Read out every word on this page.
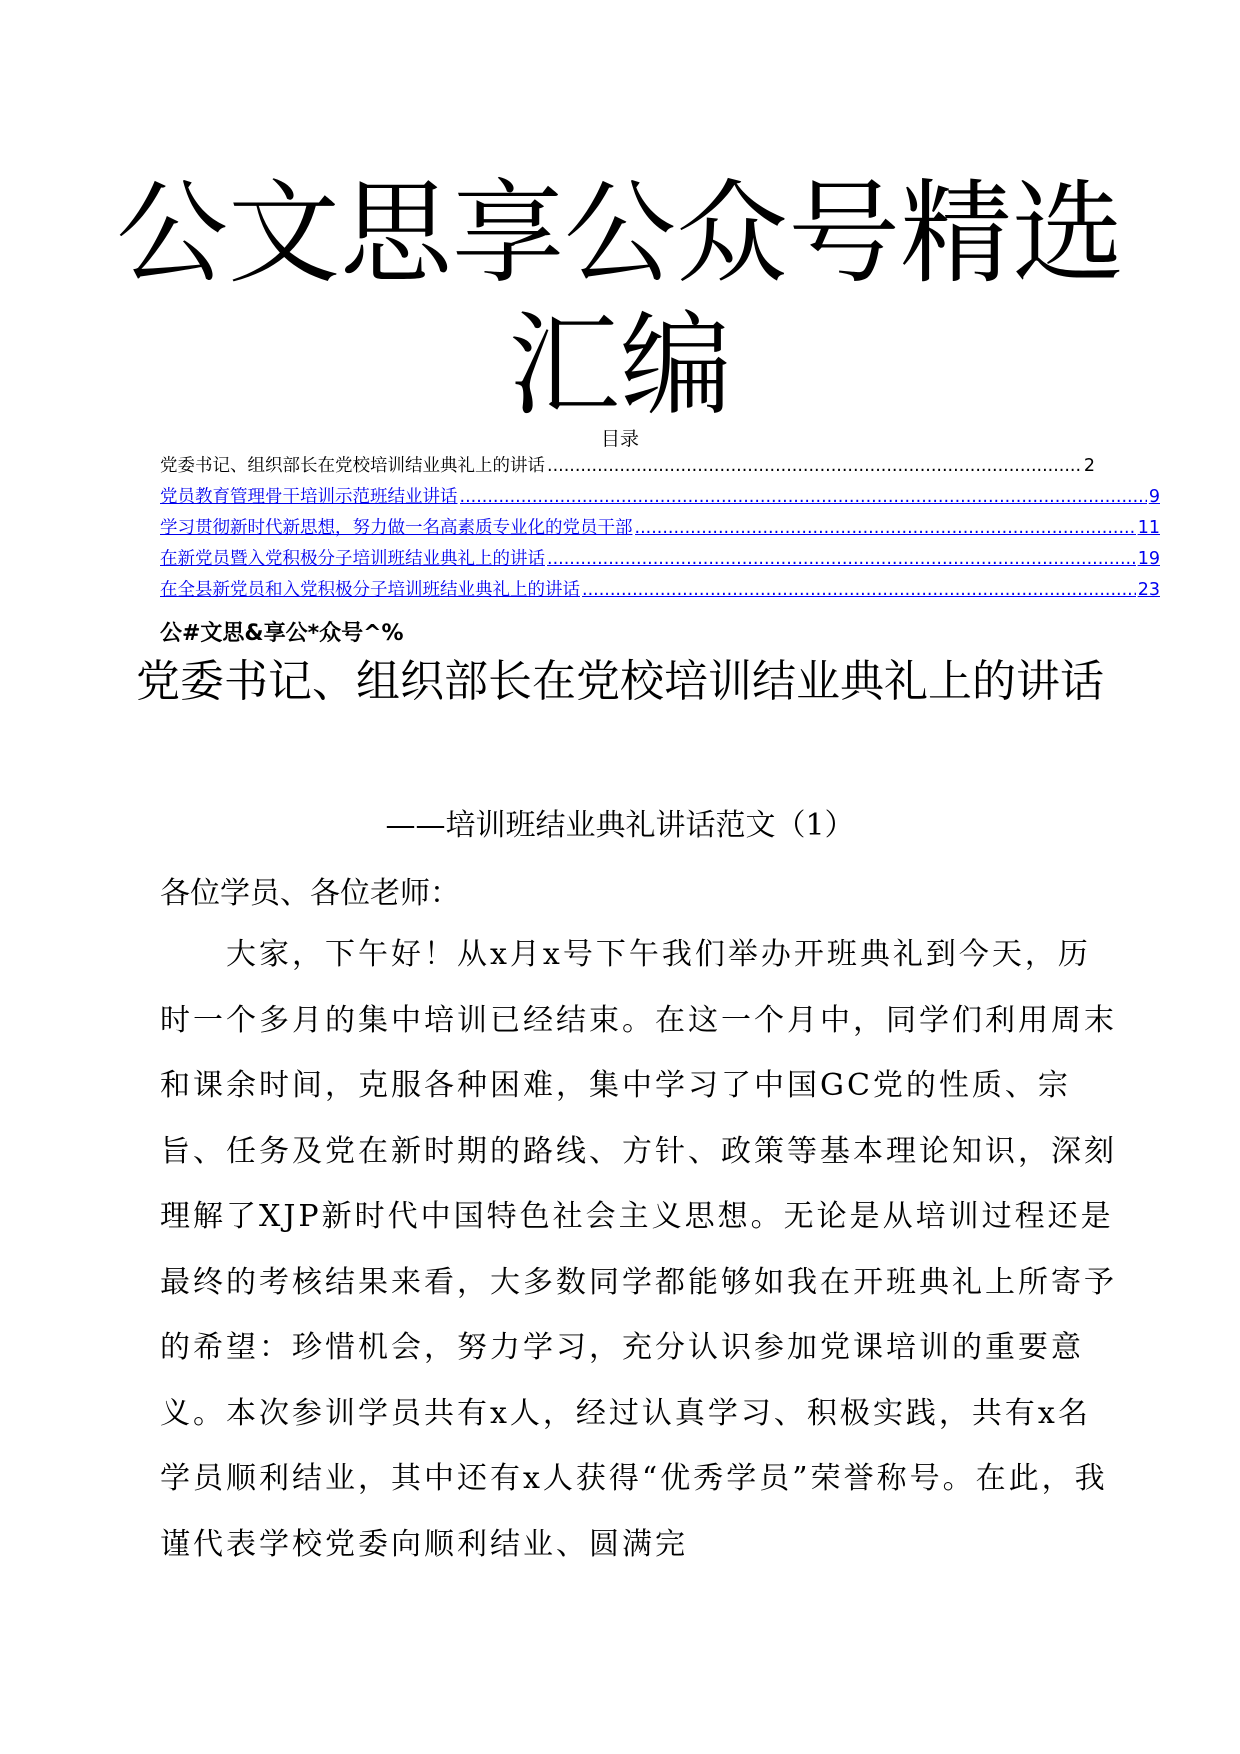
公文思享公众号精选汇编
目录
党委书记、组织部长在党校培训结业典礼上的讲话 .....	2
党员教育管理骨干培训示范班结业讲话 .....	9
学习贯彻新时代新思想，努力做一名高素质专业化的党员干部 .....	11
在新党员暨入党积极分子培训班结业典礼上的讲话 .....	19
在全县新党员和入党积极分子培训班结业典礼上的讲话 .....	23
公#文思&享公*众号^%
党委书记、组织部长在党校培训结业典礼上的讲话
——培训班结业典礼讲话范文（1）
各位学员、各位老师：

大家，下午好！从x月x号下午我们举办开班典礼到今天，历时一个多月的集中培训已经结束。在这一个月中，同学们利用周末和课余时间，克服各种困难，集中学习了中国GC党的性质、宗旨、任务及党在新时期的路线、方针、政策等基本理论知识，深刻理解了XJP新时代中国特色社会主义思想。无论是从培训过程还是最终的考核结果来看，大多数同学都能够如我在开班典礼上所寄予的希望：珍惜机会，努力学习，充分认识参加党课培训的重要意义。本次参训学员共有x人，经过认真学习、积极实践，共有x名学员顺利结业，其中还有x人获得“优秀学员”荣誉称号。在此，我谨代表学校党委向顺利结业、圆满完
